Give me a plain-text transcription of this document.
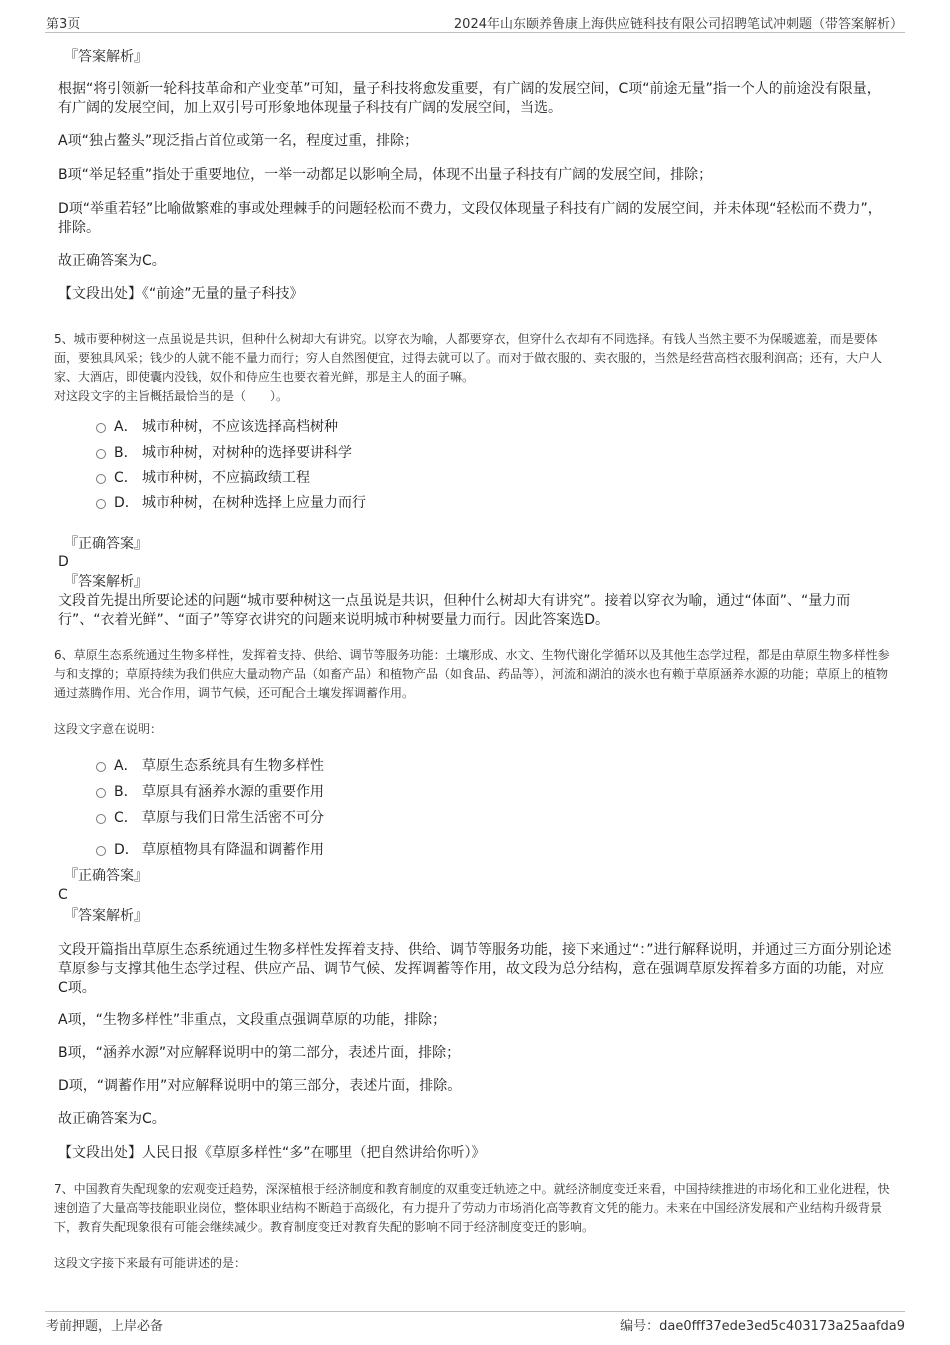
第3页	2024年山东颐养鲁康上海供应链科技有限公司招聘笔试冲刺题（带答案解析）
『答案解析』
根据“将引领新一轮科技革命和产业变革”可知，量子科技将愈发重要，有广阔的发展空间，C项“前途无量”指一个人的前途没有限量，有广阔的发展空间，加上双引号可形象地体现量子科技有广阔的发展空间，当选。
A项“独占鳌头”现泛指占首位或第一名，程度过重，排除；
B项“举足轻重”指处于重要地位，一举一动都足以影响全局，体现不出量子科技有广阔的发展空间，排除；
D项“举重若轻”比喻做繁难的事或处理棘手的问题轻松而不费力，文段仅体现量子科技有广阔的发展空间，并未体现“轻松而不费力”，排除。
故正确答案为C。
【文段出处】《“前途”无量的量子科技》
5、城市要种树这一点虽说是共识，但种什么树却大有讲究。以穿衣为喻，人都要穿衣，但穿什么衣却有不同选择。有钱人当然主要不为保暖遮羞，而是要体面，要独具风采；钱少的人就不能不量力而行；穷人自然图便宜，过得去就可以了。而对于做衣服的、卖衣服的，当然是经营高档衣服利润高；还有，大户人家、大酒店，即使囊内没钱，奴仆和侍应生也要衣着光鲜，那是主人的面子嘛。
对这段文字的主旨概括最恰当的是（　　）。
A． 城市种树，不应该选择高档树种
B． 城市种树，对树种的选择要讲科学
C． 城市种树，不应搞政绩工程
D． 城市种树，在树种选择上应量力而行
『正确答案』
D
『答案解析』
文段首先提出所要论述的问题“城市要种树这一点虽说是共识，但种什么树却大有讲究”。接着以穿衣为喻，通过“体面”、“量力而行”、“衣着光鲜”、“面子”等穿衣讲究的问题来说明城市种树要量力而行。因此答案选D。
6、草原生态系统通过生物多样性，发挥着支持、供给、调节等服务功能：土壤形成、水文、生物代谢化学循环以及其他生态学过程，都是由草原生物多样性参与和支撑的；草原持续为我们供应大量动物产品（如畜产品）和植物产品（如食品、药品等），河流和湖泊的淡水也有赖于草原涵养水源的功能；草原上的植物通过蒸腾作用、光合作用，调节气候，还可配合土壤发挥调蓄作用。
这段文字意在说明：
A． 草原生态系统具有生物多样性
B． 草原具有涵养水源的重要作用
C． 草原与我们日常生活密不可分
D． 草原植物具有降温和调蓄作用
『正确答案』
C
『答案解析』
文段开篇指出草原生态系统通过生物多样性发挥着支持、供给、调节等服务功能，接下来通过“：”进行解释说明，并通过三方面分别论述草原参与支撑其他生态学过程、供应产品、调节气候、发挥调蓄等作用，故文段为总分结构，意在强调草原发挥着多方面的功能，对应C项。
A项，“生物多样性”非重点，文段重点强调草原的功能，排除；
B项，“涵养水源”对应解释说明中的第二部分，表述片面，排除；
D项，“调蓄作用”对应解释说明中的第三部分，表述片面，排除。
故正确答案为C。
【文段出处】人民日报《草原多样性“多”在哪里（把自然讲给你听）》
7、中国教育失配现象的宏观变迁趋势，深深植根于经济制度和教育制度的双重变迁轨迹之中。就经济制度变迁来看，中国持续推进的市场化和工业化进程，快速创造了大量高等技能职业岗位，整体职业结构不断趋于高级化，有力提升了劳动力市场消化高等教育文凭的能力。未来在中国经济发展和产业结构升级背景下，教育失配现象很有可能会继续减少。教育制度变迁对教育失配的影响不同于经济制度变迁的影响。
这段文字接下来最有可能讲述的是：
考前押题，上岸必备	编号：dae0fff37ede3ed5c403173a25aafda9
